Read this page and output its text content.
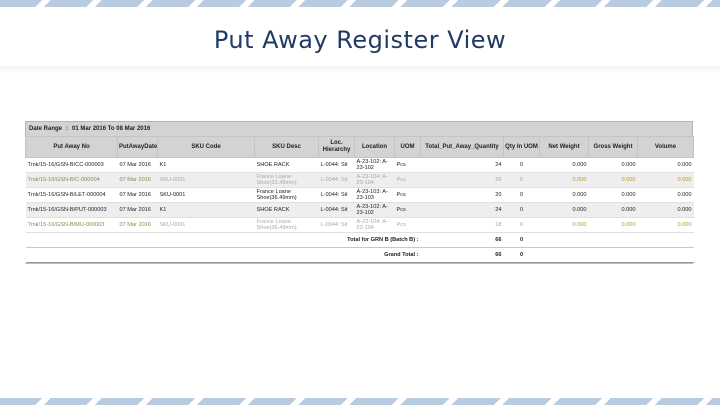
Put Away Register View
Date Range : 01 Mar 2016 To 08 Mar 2016
Put Away No	PutAwayDate	SKU Code	SKU Desc	Loc. Hierarchy	Location	UOM	Total_Put_Away_Quantity	Qty In UOM	Net Weight	Gross Weight	Volume
Trnk/15-16/GSN-B/CC-000003	07 Mar 2016	K1	SHOE RACK	L-0044: Sit	A-23-102: A-23-102	Pcs	24	0	0.000	0.000	0.000
Trnk/15-16/GSN-B/C-000004	07 Mar 2016	SKU-0001	France Loane Shoe(31.49mm)	L-0044: Sit	A-23-104: A-23-104	Pcs	20	0	0.000	0.000	0.000
Trnk/15-16/GSN-B/LET-000004	07 Mar 2016	SKU-0001	France Loane Shoe(36.49mm)	L-0044: Sit	A-23-103: A-23-103	Pcs	20	0	0.000	0.000	0.000
Trnk/15-16/GSN-B/PUT-000003	07 Mar 2016	K1	SHOE RACK	L-0044: Sit	A-23-102: A-23-102	Pcs	24	0	0.000	0.000	0.000
Trnk/15-16/GSN-B/MU-000003	07 Mar 2016	SKU-0001	France Loane Shoe(36.49mm)	L-0044: Sit	A-23-104: A-23-104	Pcs	18	0	0.000	0.000	0.000
Total for GRN B (Batch B) :							66	0			
Grand Total :							66	0			
